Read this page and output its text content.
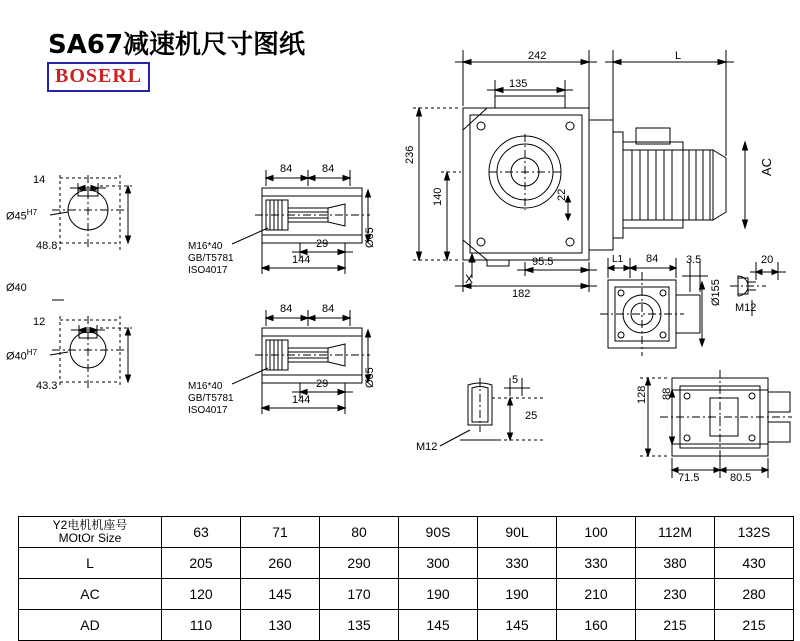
SA67减速机尺寸图纸
BOSERL
242
135
L
236
140	22
AC
95.5
182
X
L1 84	3.5	20
M12
Ø155
128 88
71.5	80.5
5
25
M12
14
$Ø45^{H7}$
48.8
Ø40
12
$Ø40^{H7}$
43.3
84	84
29
144
Ø65
M16*40
GB/T5781
ISO4017
84	84
29
144
Ø65
M16*40
GB/T5781
ISO4017
Y2电机机座号
MOtOr Size	63	71	80	90S	90L	100	112M	132S
L	205	260	290	300	330	330	380	430
AC	120	145	170	190	190	210	230	280
AD	110	130	135	145	145	160	215	215
